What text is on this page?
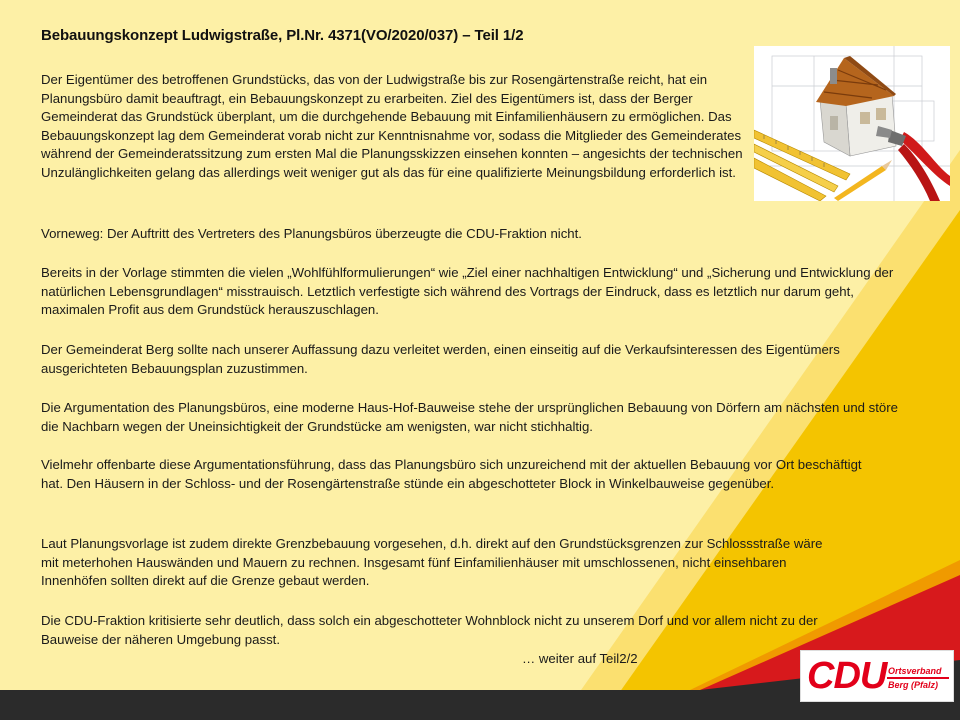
Bebauungskonzept Ludwigstraße, Pl.Nr. 4371(VO/2020/037) – Teil 1/2

Der Eigentümer des betroffenen Grundstücks, das von der Ludwigstraße bis zur Rosengärtenstraße reicht, hat ein Planungsbüro damit beauftragt, ein Bebauungskonzept zu erarbeiten. Ziel des Eigentümers ist, dass der Berger Gemeinderat das Grundstück überplant, um die durchgehende Bebauung mit Einfamilienhäusern zu ermöglichen. Das Bebauungskonzept lag dem Gemeinderat vorab nicht zur Kenntnisnahme vor, sodass die Mitglieder des Gemeinderates während der Gemeinderatssitzung zum ersten Mal die Planungsskizzen einsehen konnten – angesichts der technischen Unzulänglichkeiten gelang das allerdings weit weniger gut als das für eine qualifizierte Meinungsbildung erforderlich ist.

Vorneweg: Der Auftritt des Vertreters des Planungsbüros überzeugte die CDU-Fraktion nicht.

Bereits in der Vorlage stimmten die vielen „Wohlfühlformulierungen“ wie „Ziel einer nachhaltigen Entwicklung“ und „Sicherung und Entwicklung der natürlichen Lebensgrundlagen“ misstrauisch. Letztlich verfestigte sich während des Vortrags der Eindruck, dass es letztlich nur darum geht, maximalen Profit aus dem Grundstück herauszuschlagen.

Der Gemeinderat Berg sollte nach unserer Auffassung dazu verleitet werden, einen einseitig auf die Verkaufsinteressen des Eigentümers ausgerichteten Bebauungsplan zuzustimmen.

Die Argumentation des Planungsbüros, eine moderne Haus-Hof-Bauweise stehe der ursprünglichen Bebauung von Dörfern am nächsten und störe die Nachbarn wegen der Uneinsichtigkeit der Grundstücke am wenigsten, war nicht stichhaltig.

Vielmehr offenbarte diese Argumentationsführung, dass das Planungsbüro sich unzureichend mit der aktuellen Bebauung vor Ort beschäftigt hat. Den Häusern in der Schloss- und der Rosengärtenstraße stünde ein abgeschotteter Block in Winkelbauweise gegenüber.

Laut Planungsvorlage ist zudem direkte Grenzbebauung vorgesehen, d.h. direkt auf den Grundstücksgrenzen zur Schlossstraße wäre mit meterhohen Hauswänden und Mauern zu rechnen. Insgesamt fünf Einfamilienhäuser mit umschlossenen, nicht einsehbaren Innenhöfen sollten direkt auf die Grenze gebaut werden.

Die CDU-Fraktion kritisierte sehr deutlich, dass solch ein abgeschotteter Wohnblock nicht zu unserem Dorf und vor allem nicht zu der Bauweise der näheren Umgebung passt.

… weiter auf Teil2/2	CDU Ortsverband
Berg (Pfalz)
